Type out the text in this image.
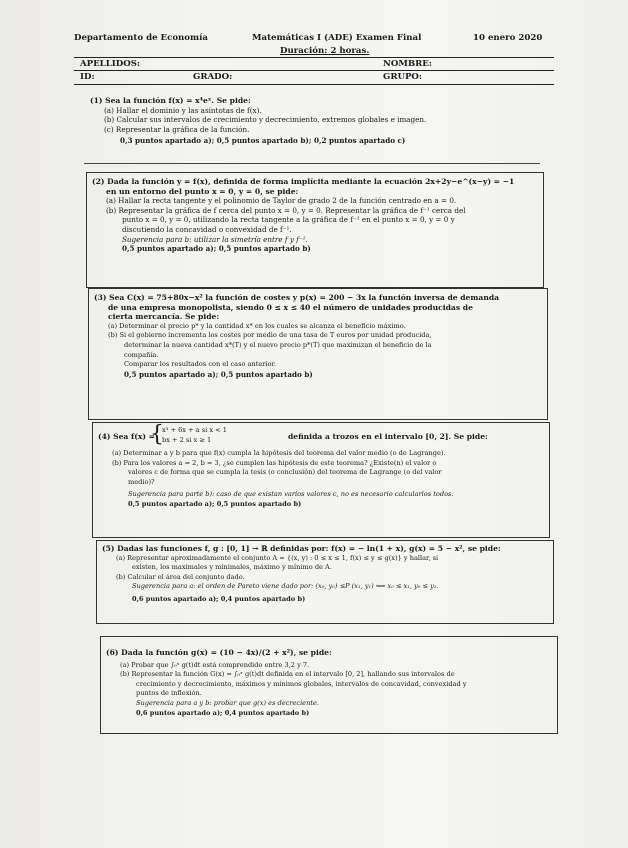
Departamento de Economía	Matemáticas I (ADE) Examen Final	10 enero 2020
Duración: 2 horas.
APELLIDOS:	NOMBRE:
ID:	GRADO:	GRUPO:
(1) Sea la función f(x) = x⁴eˣ. Se pide:
(a) Hallar el dominio y las asíntotas de f(x).
(b) Calcular sus intervalos de crecimiento y decrecimiento, extremos globales e imagen.
(c) Representar la gráfica de la función.
0,3 puntos apartado a); 0,5 puntos apartado b); 0,2 puntos apartado c)
(2) Dada la función y = f(x), definida de forma implícita mediante la ecuación 2x+2y−e^(x−y) = −1
en un entorno del punto x = 0, y = 0, se pide:
(a) Hallar la recta tangente y el polinomio de Taylor de grado 2 de la función centrado en a = 0.
(b) Representar la gráfica de f cerca del punto x = 0, y = 0. Representar la gráfica de f⁻¹ cerca del
punto x = 0, y = 0, utilizando la recta tangente a la gráfica de f⁻¹ en el punto x = 0, y = 0 y
discutiendo la concavidad o convexidad de f⁻¹.
Sugerencia para b: utilizar la simetría entre f y f⁻¹.
0,5 puntos apartado a); 0,5 puntos apartado b)
(3) Sea C(x) = 75+80x−x² la función de costes y p(x) = 200 − 3x la función inversa de demanda
de una empresa monopolista, siendo 0 ≤ x ≤ 40 el número de unidades producidas de
cierta mercancía. Se pide:
(a) Determinar el precio p* y la cantidad x* en los cuales se alcanza el beneficio máximo.
(b) Si el gobierno incrementa los costes por medio de una tasa de T euros por unidad producida,
determinar la nueva cantidad x*(T) y el nuevo precio p*(T) que maximizan el beneficio de la
compañía.
Comparar los resultados con el caso anterior.
0,5 puntos apartado a); 0,5 puntos apartado b)
(4) Sea f(x) =
{
x³ + 6x + a si x < 1
bx + 2 si x ≥ 1	definida a trozos en el intervalo [0, 2]. Se pide:
(a) Determinar a y b para que f(x) cumpla la hipótesis del teorema del valor medio (o de Lagrange).
(b) Para los valores a = 2, b = 3, ¿se cumplen las hipótesis de este teorema? ¿Existe(n) el valor o
valores c de forma que se cumpla la tesis (o conclusión) del teorema de Lagrange (o del valor
medio)?
Sugerencia para parte b): caso de que existan varios valores c, no es necesario calcularlos todos.
0,5 puntos apartado a); 0,5 puntos apartado b)
(5) Dadas las funciones f, g : [0, 1] → ℝ definidas por: f(x) = − ln(1 + x), g(x) = 5 − x², se pide:
(a) Representar aproximadamente el conjunto A = {(x, y) : 0 ≤ x ≤ 1, f(x) ≤ y ≤ g(x)} y hallar, si
existen, los maximales y minimales, máximo y mínimo de A.
(b) Calcular el área del conjunto dado.
Sugerencia para a: el orden de Pareto viene dado por: (x₀, y₀) ≤P (x₁, y₁) ⟺ x₀ ≤ x₁, y₀ ≤ y₁.
0,6 puntos apartado a); 0,4 puntos apartado b)
(6) Dada la función g(x) = (10 − 4x)/(2 + x²), se pide:
(a) Probar que ∫₀ˣ g(t)dt está comprendido entre 3,2 y 7.
(b) Representar la función G(x) = ∫₀ˣ g(t)dt definida en el intervalo [0, 2], hallando sus intervalos de
crecimiento y decrecimiento, máximos y mínimos globales, intervalos de concavidad, convexidad y
puntos de inflexión.
Sugerencia para a y b: probar que g(x) es decreciente.
0,6 puntos apartado a); 0,4 puntos apartado b)
